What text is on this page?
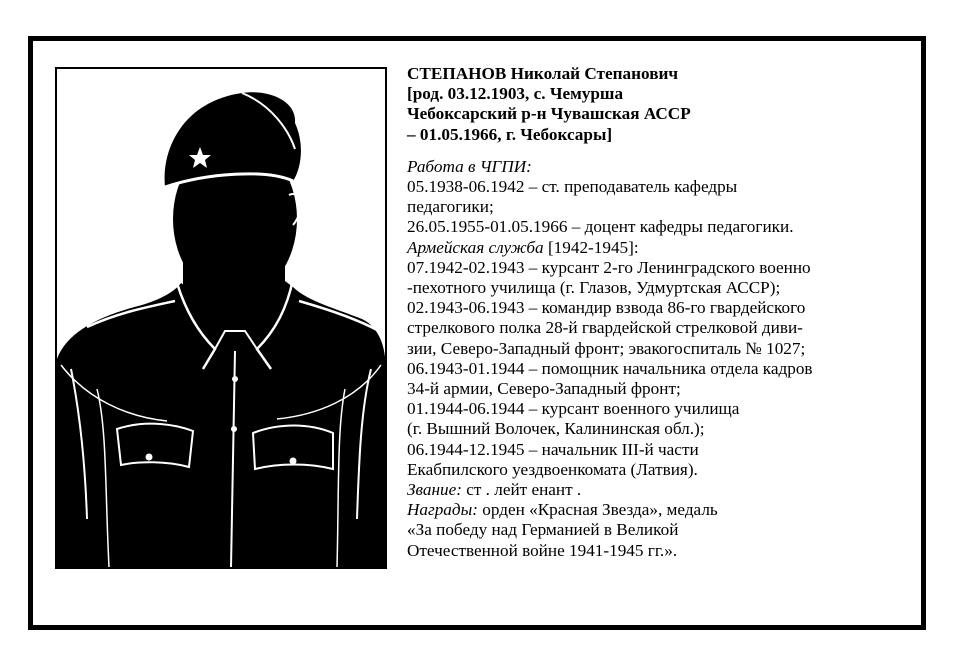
СТЕПАНОВ Николай Степанович
[род. 03.12.1903, с. Чемурша
Чебоксарский р-н Чувашская АССР
– 01.05.1966, г. Чебоксары]
Работа в ЧГПИ:
05.1938-06.1942 – ст. преподаватель кафедры
педагогики;
26.05.1955-01.05.1966 – доцент кафедры педагогики.
Армейская служба [1942-1945]:
07.1942-02.1943 – курсант 2-го Ленинградского военно
-пехотного училища (г. Глазов, Удмуртская АССР);
02.1943-06.1943 – командир взвода 86-го гвардейского
стрелкового полка 28-й гвардейской стрелковой диви-
зии, Северо-Западный фронт; эвакогоспиталь № 1027;
06.1943-01.1944 – помощник начальника отдела кадров
34-й армии, Северо-Западный фронт;
01.1944-06.1944 – курсант военного училища
(г. Вышний Волочек, Калининская обл.);
06.1944-12.1945 – начальник III-й части
Екабпилского уездвоенкомата (Латвия).
Звание: ст . лейт енант .
Награды: орден «Красная Звезда», медаль
«За победу над Германией в Великой
Отечественной войне 1941-1945 гг.».
